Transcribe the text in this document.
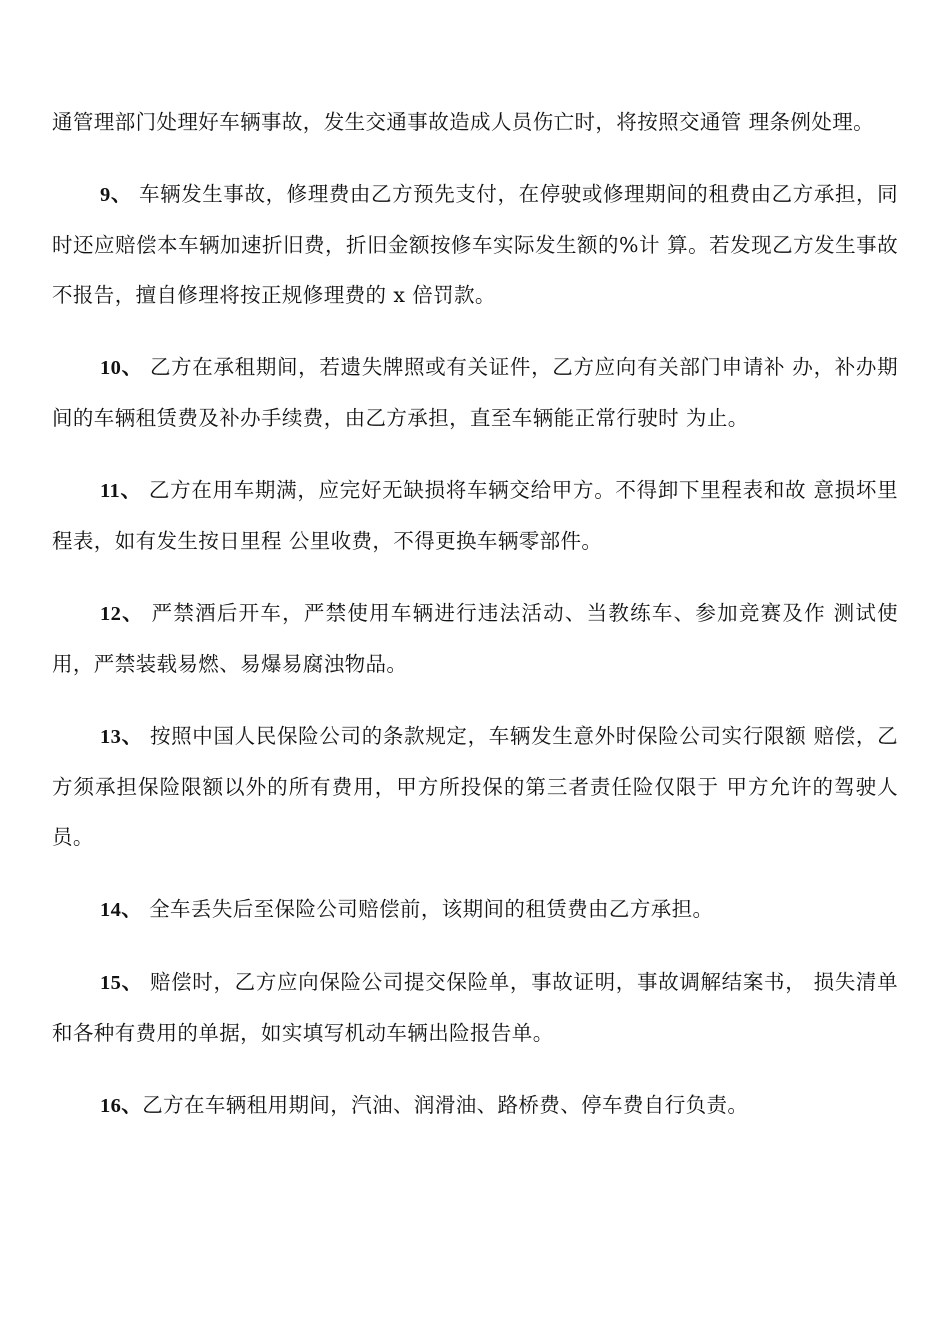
通管理部门处理好车辆事故，发生交通事故造成人员伤亡时，将按照交通管 理条例处理。

9、 车辆发生事故，修理费由乙方预先支付，在停驶或修理期间的租费由乙方承担，同时还应赔偿本车辆加速折旧费，折旧金额按修车实际发生额的%计 算。若发现乙方发生事故不报告，擅自修理将按正规修理费的 x 倍罚款。

10、 乙方在承租期间，若遗失牌照或有关证件，乙方应向有关部门申请补 办，补办期间的车辆租赁费及补办手续费，由乙方承担，直至车辆能正常行驶时 为止。

11、 乙方在用车期满，应完好无缺损将车辆交给甲方。不得卸下里程表和故 意损坏里程表，如有发生按日里程 公里收费，不得更换车辆零部件。

12、 严禁酒后开车，严禁使用车辆进行违法活动、当教练车、参加竞赛及作 测试使用，严禁装载易燃、易爆易腐浊物品。

13、 按照中国人民保险公司的条款规定，车辆发生意外时保险公司实行限额 赔偿，乙方须承担保险限额以外的所有费用，甲方所投保的第三者责任险仅限于 甲方允许的驾驶人员。

14、 全车丢失后至保险公司赔偿前，该期间的租赁费由乙方承担。

15、 赔偿时，乙方应向保险公司提交保险单，事故证明，事故调解结案书， 损失清单和各种有费用的单据，如实填写机动车辆出险报告单。

16、乙方在车辆租用期间，汽油、润滑油、路桥费、停车费自行负责。
